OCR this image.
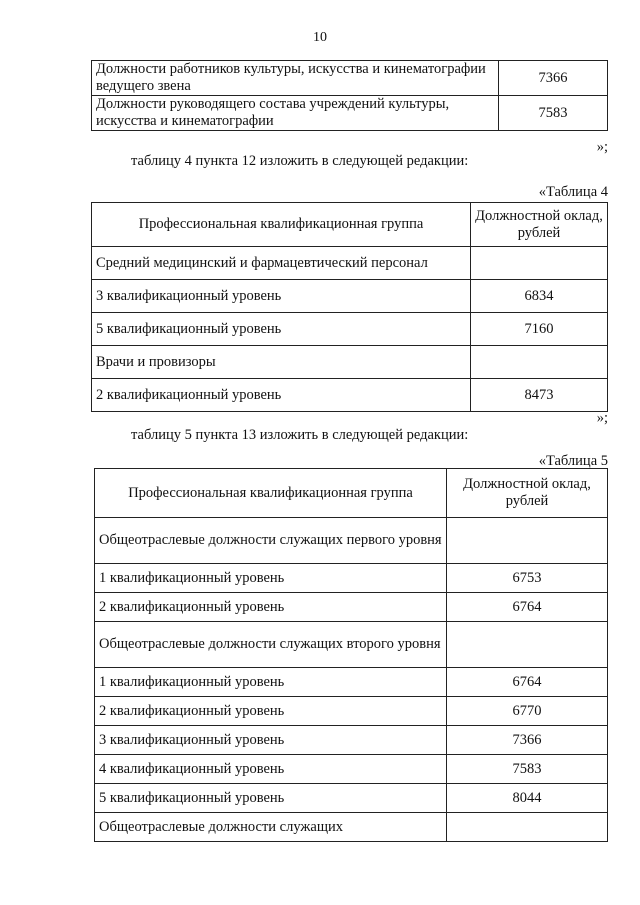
10
Должности работников культуры, искусства и кинематографии ведущего звена	7366
Должности руководящего состава учреждений культуры, искусства и кинематографии	7583
»;
таблицу 4 пункта 12 изложить в следующей редакции:
«Таблица 4
Профессиональная квалификационная группа	Должностной оклад, рублей
Средний медицинский и фармацевтический персонал	
3 квалификационный уровень	6834
5 квалификационный уровень	7160
Врачи и провизоры	
2 квалификационный уровень	8473
»;
таблицу 5 пункта 13 изложить в следующей редакции:
«Таблица 5
Профессиональная квалификационная группа	Должностной оклад, рублей
Общеотраслевые должности служащих первого уровня	
1 квалификационный уровень	6753
2 квалификационный уровень	6764
Общеотраслевые должности служащих второго уровня	
1 квалификационный уровень	6764
2 квалификационный уровень	6770
3 квалификационный уровень	7366
4 квалификационный уровень	7583
5 квалификационный уровень	8044
Общеотраслевые должности служащих	
